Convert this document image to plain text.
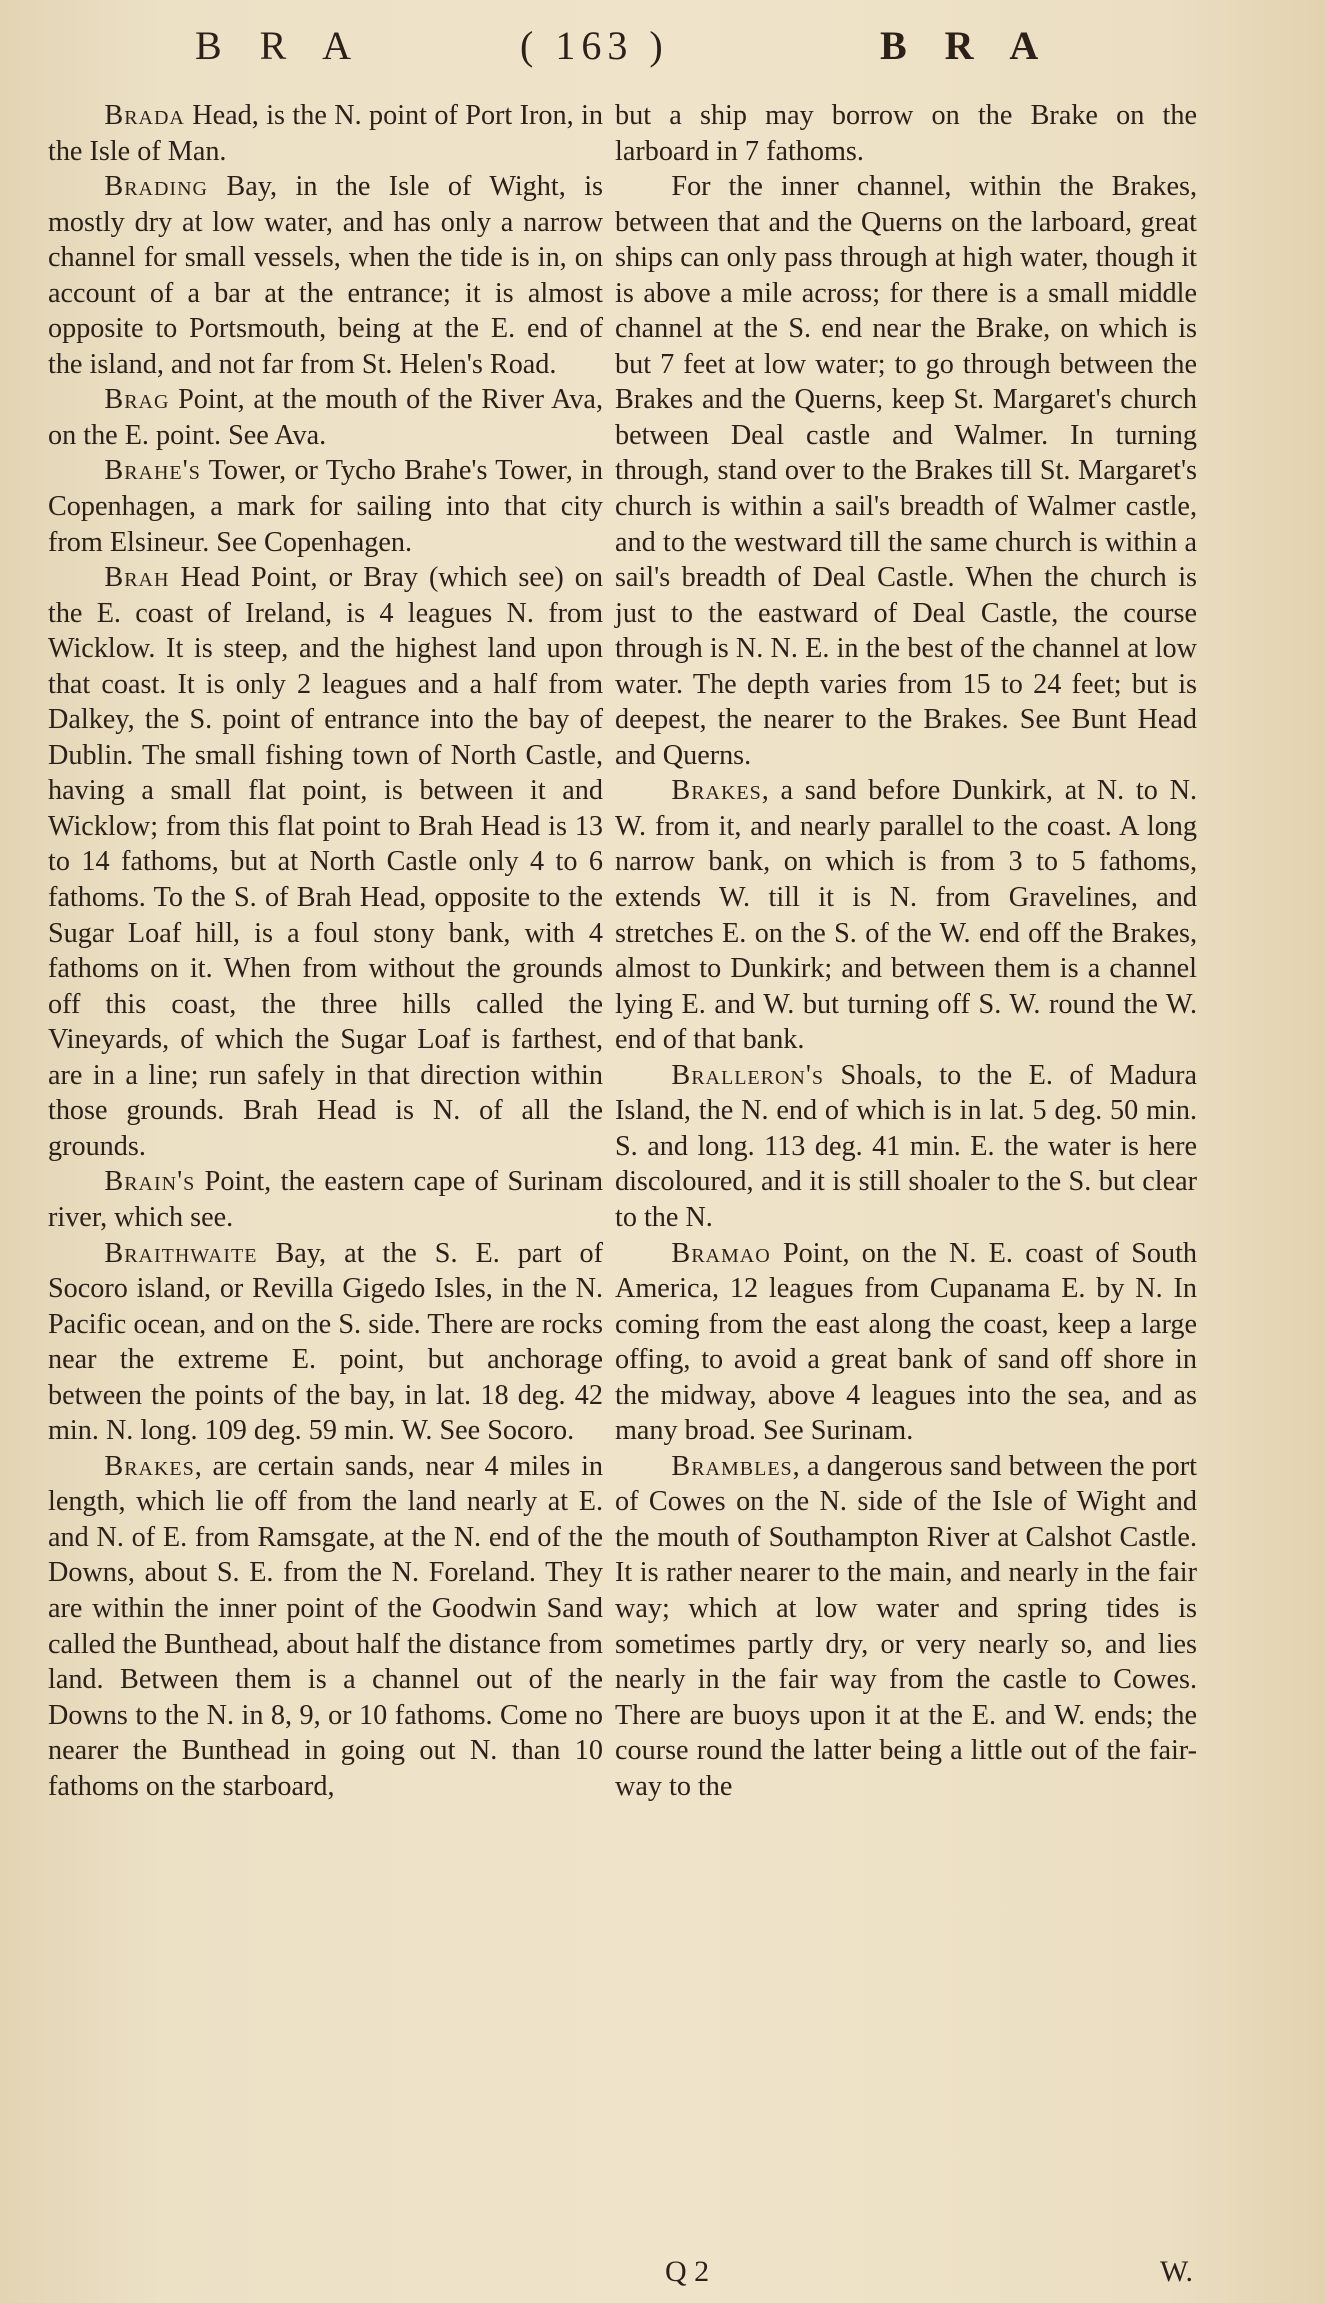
B R A	( 163 )	B R A

Brada Head, is the N. point of Port Iron, in the Isle of Man.

Brading Bay, in the Isle of Wight, is mostly dry at low water, and has only a narrow channel for small vessels, when the tide is in, on account of a bar at the entrance; it is almost opposite to Portsmouth, being at the E. end of the island, and not far from St. Helen's Road.

Brag Point, at the mouth of the River Ava, on the E. point. See Ava.

Brahe's Tower, or Tycho Brahe's Tower, in Copenhagen, a mark for sailing into that city from Elsineur. See Copenhagen.

Brah Head Point, or Bray (which see) on the E. coast of Ireland, is 4 leagues N. from Wicklow. It is steep, and the highest land upon that coast. It is only 2 leagues and a half from Dalkey, the S. point of entrance into the bay of Dublin. The small fishing town of North Castle, having a small flat point, is between it and Wicklow; from this flat point to Brah Head is 13 to 14 fathoms, but at North Castle only 4 to 6 fathoms. To the S. of Brah Head, opposite to the Sugar Loaf hill, is a foul stony bank, with 4 fathoms on it. When from without the grounds off this coast, the three hills called the Vineyards, of which the Sugar Loaf is farthest, are in a line; run safely in that direction within those grounds. Brah Head is N. of all the grounds.

Brain's Point, the eastern cape of Surinam river, which see.

Braithwaite Bay, at the S. E. part of Socoro island, or Revilla Gigedo Isles, in the N. Pacific ocean, and on the S. side. There are rocks near the extreme E. point, but anchorage between the points of the bay, in lat. 18 deg. 42 min. N. long. 109 deg. 59 min. W. See Socoro.

Brakes, are certain sands, near 4 miles in length, which lie off from the land nearly at E. and N. of E. from Ramsgate, at the N. end of the Downs, about S. E. from the N. Foreland. They are within the inner point of the Goodwin Sand called the Bunthead, about half the distance from land. Between them is a channel out of the Downs to the N. in 8, 9, or 10 fathoms. Come no nearer the Bunthead in going out N. than 10 fathoms on the starboard,

but a ship may borrow on the Brake on the larboard in 7 fathoms.

For the inner channel, within the Brakes, between that and the Querns on the larboard, great ships can only pass through at high water, though it is above a mile across; for there is a small middle channel at the S. end near the Brake, on which is but 7 feet at low water; to go through between the Brakes and the Querns, keep St. Margaret's church between Deal castle and Walmer. In turning through, stand over to the Brakes till St. Margaret's church is within a sail's breadth of Walmer castle, and to the westward till the same church is within a sail's breadth of Deal Castle. When the church is just to the eastward of Deal Castle, the course through is N. N. E. in the best of the channel at low water. The depth varies from 15 to 24 feet; but is deepest, the nearer to the Brakes. See Bunt Head and Querns.

Brakes, a sand before Dunkirk, at N. to N. W. from it, and nearly parallel to the coast. A long narrow bank, on which is from 3 to 5 fathoms, extends W. till it is N. from Gravelines, and stretches E. on the S. of the W. end off the Brakes, almost to Dunkirk; and between them is a channel lying E. and W. but turning off S. W. round the W. end of that bank.

Bralleron's Shoals, to the E. of Madura Island, the N. end of which is in lat. 5 deg. 50 min. S. and long. 113 deg. 41 min. E. the water is here discoloured, and it is still shoaler to the S. but clear to the N.

Bramao Point, on the N. E. coast of South America, 12 leagues from Cupanama E. by N. In coming from the east along the coast, keep a large offing, to avoid a great bank of sand off shore in the midway, above 4 leagues into the sea, and as many broad. See Surinam.

Brambles, a dangerous sand between the port of Cowes on the N. side of the Isle of Wight and the mouth of Southampton River at Calshot Castle. It is rather nearer to the main, and nearly in the fair way; which at low water and spring tides is sometimes partly dry, or very nearly so, and lies nearly in the fair way from the castle to Cowes. There are buoys upon it at the E. and W. ends; the course round the latter being a little out of the fair-way to the

Q 2	W.
